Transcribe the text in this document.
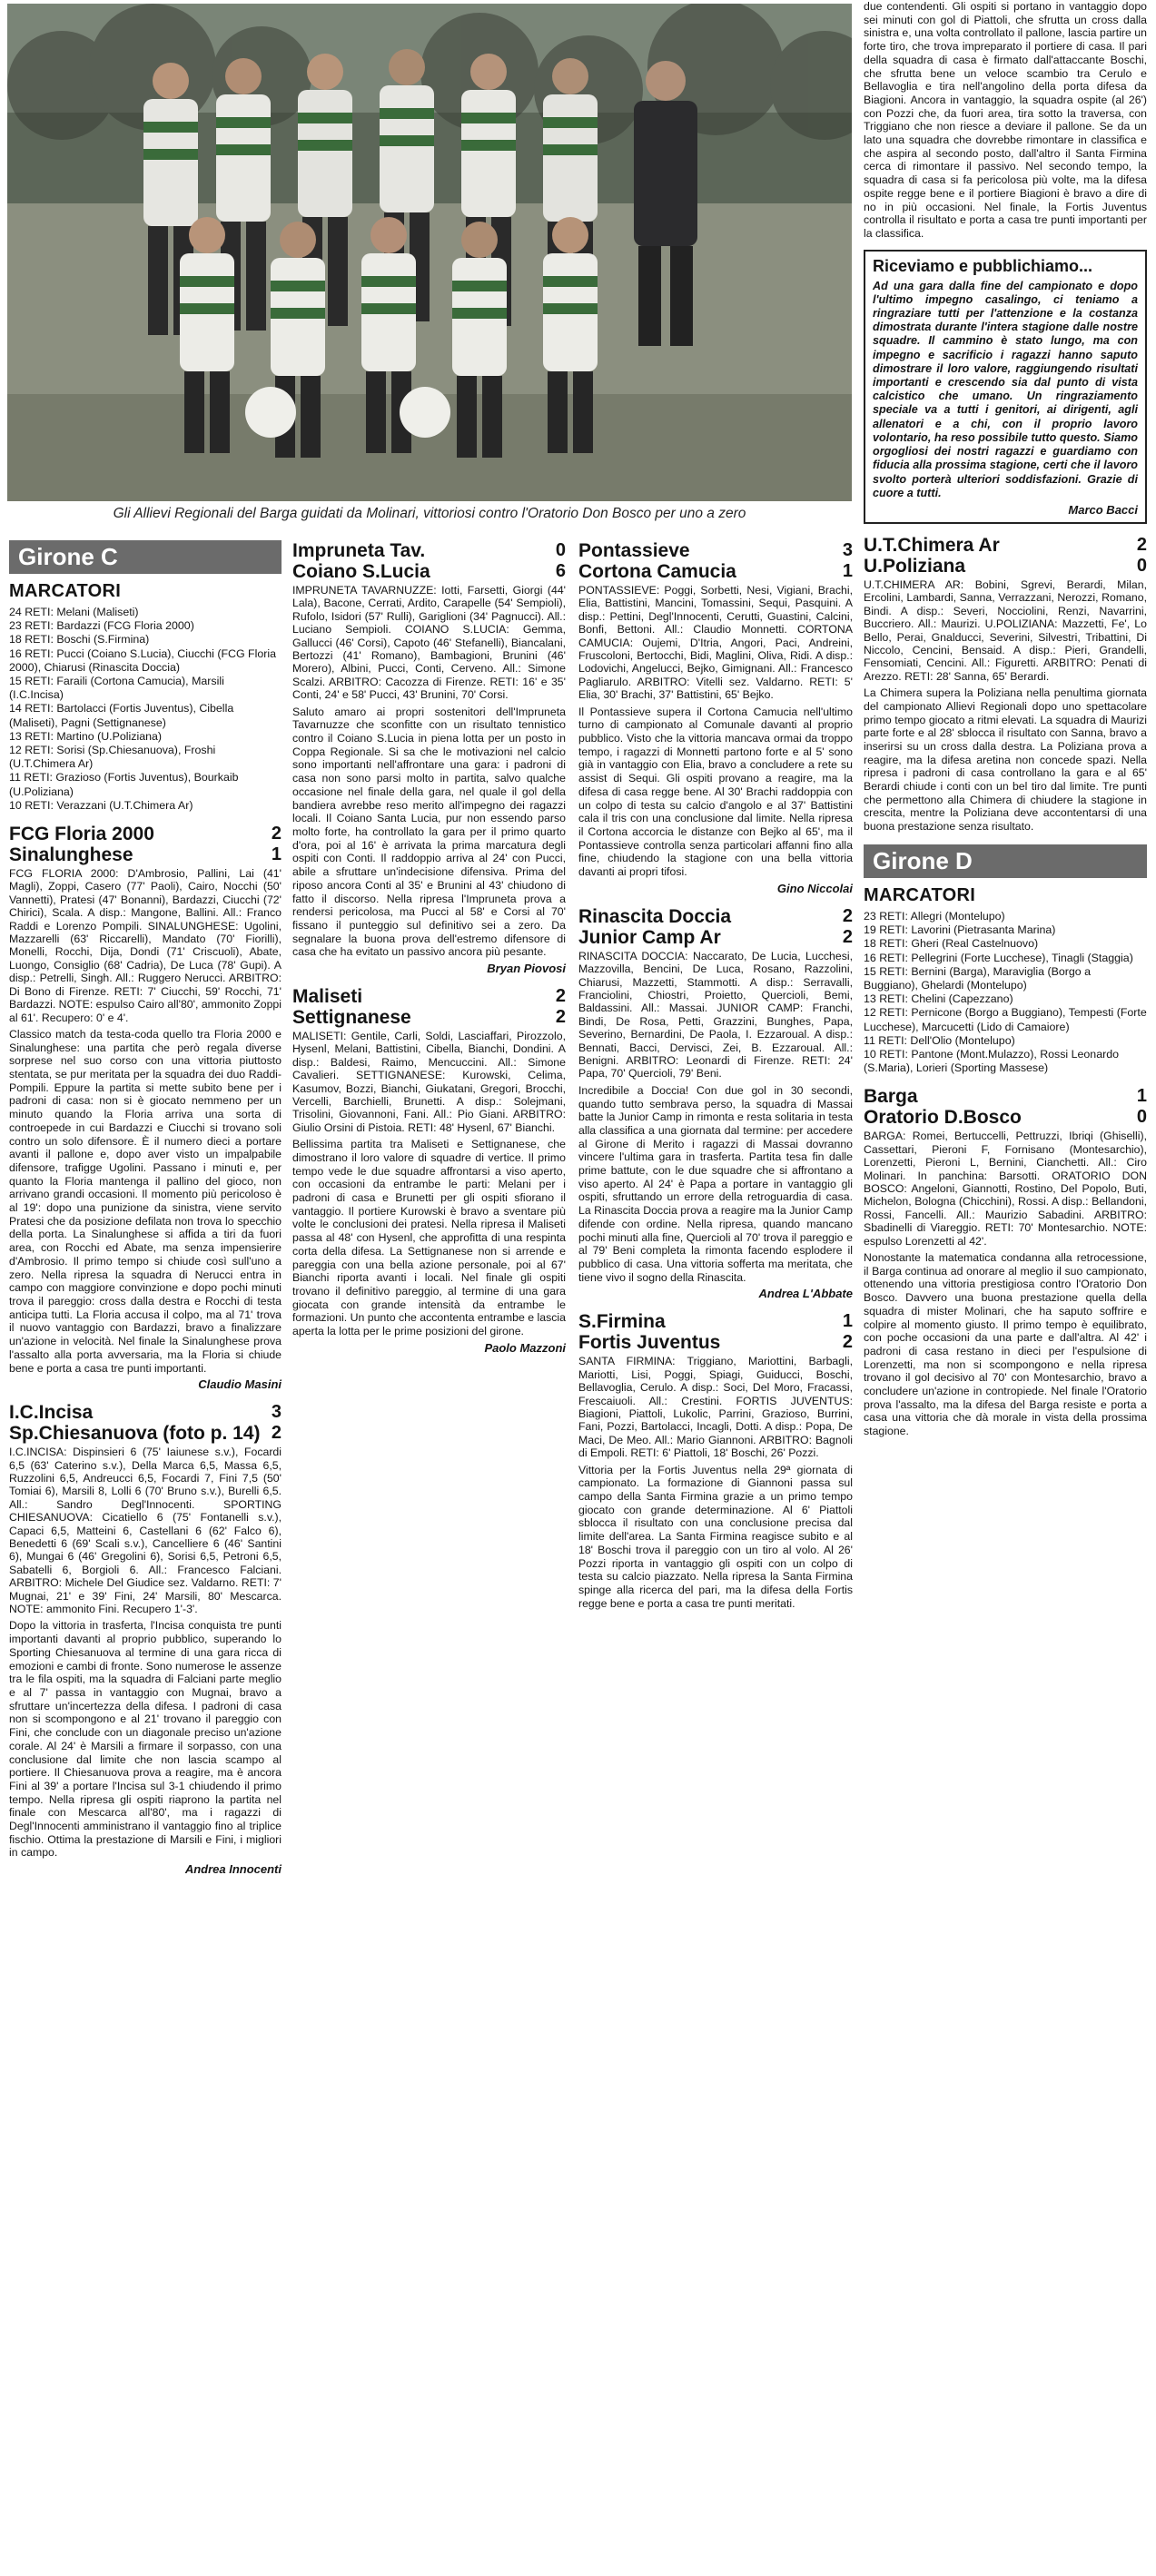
Gli Allievi Regionali del Barga guidati da Molinari, vittoriosi contro l'Oratorio Don Bosco per uno a zero
Girone C
MARCATORI
24 RETI: Melani (Maliseti)
23 RETI: Bardazzi (FCG Floria 2000)
18 RETI: Boschi (S.Firmina)
16 RETI: Pucci (Coiano S.Lucia), Ciucchi (FCG Floria 2000), Chiarusi (Rinascita Doccia)
15 RETI: Faraili (Cortona Camucia), Marsili (I.C.Incisa)
14 RETI: Bartolacci (Fortis Juventus), Cibella (Maliseti), Pagni (Settignanese)
13 RETI: Martino (U.Poliziana)
12 RETI: Sorisi (Sp.Chiesanuova), Froshi (U.T.Chimera Ar)
11 RETI: Grazioso (Fortis Juventus), Bourkaib (U.Poliziana)
10 RETI: Verazzani (U.T.Chimera Ar)
FCG Floria 2000	2
Sinalunghese	1
FCG FLORIA 2000: D'Ambrosio, Pallini, Lai (41' Magli), Zoppi, Casero (77' Paoli), Cairo, Nocchi (50' Vannetti), Pratesi (47' Bonanni), Bardazzi, Ciucchi (72' Chirici), Scala. A disp.: Mangone, Ballini. All.: Franco Raddi e Lorenzo Pompili. SINALUNGHESE: Ugolini, Mazzarelli (63' Riccarelli), Mandato (70' Fiorilli), Monelli, Rocchi, Dija, Dondi (71' Criscuoli), Abate, Luongo, Consiglio (68' Cadria), De Luca (78' Gupi). A disp.: Petrelli, Singh. All.: Ruggero Nerucci. ARBITRO: Di Bono di Firenze. RETI: 7' Ciucchi, 59' Rocchi, 71' Bardazzi. NOTE: espulso Cairo all'80', ammonito Zoppi al 61'. Recupero: 0' e 4'.
Classico match da testa-coda quello tra Floria 2000 e Sinalunghese: una partita che però regala diverse sorprese nel suo corso con una vittoria piuttosto stentata, se pur meritata per la squadra dei duo Raddi-Pompili. Eppure la partita si mette subito bene per i padroni di casa: non si è giocato nemmeno per un minuto quando la Floria arriva una sorta di controepede in cui Bardazzi e Ciucchi si trovano soli contro un solo difensore. È il numero dieci a portare avanti il pallone e, dopo aver visto un impalpabile difensore, trafigge Ugolini. Passano i minuti e, per quanto la Floria mantenga il pallino del gioco, non arrivano grandi occasioni. Il momento più pericoloso è al 19': dopo una punizione da sinistra, viene servito Pratesi che da posizione defilata non trova lo specchio della porta. La Sinalunghese si affida a tiri da fuori area, con Rocchi ed Abate, ma senza impensierire d'Ambrosio. Il primo tempo si chiude così sull'uno a zero. Nella ripresa la squadra di Nerucci entra in campo con maggiore convinzione e dopo pochi minuti trova il pareggio: cross dalla destra e Rocchi di testa anticipa tutti. La Floria accusa il colpo, ma al 71' trova il nuovo vantaggio con Bardazzi, bravo a finalizzare un'azione in velocità. Nel finale la Sinalunghese prova l'assalto alla porta avversaria, ma la Floria si chiude bene e porta a casa tre punti importanti.
Claudio Masini
I.C.Incisa	3
Sp.Chiesanuova (foto p. 14) 2
I.C.INCISA: Dispinsieri 6 (75' Iaiunese s.v.), Focardi 6,5 (63' Caterino s.v.), Della Marca 6,5, Massa 6,5, Ruzzolini 6,5, Andreucci 6,5, Focardi 7, Fini 7,5 (50' Tomiai 6), Marsili 8, Lolli 6 (70' Bruno s.v.), Burelli 6,5. All.: Sandro Degl'Innocenti. SPORTING CHIESANUOVA: Cicatiello 6 (75' Fontanelli s.v.), Capaci 6,5, Matteini 6, Castellani 6 (62' Falco 6), Benedetti 6 (69' Scali s.v.), Cancelliere 6 (46' Santini 6), Mungai 6 (46' Gregolini 6), Sorisi 6,5, Petroni 6,5, Sabatelli 6, Borgioli 6. All.: Francesco Falciani. ARBITRO: Michele Del Giudice sez. Valdarno. RETI: 7' Mugnai, 21' e 39' Fini, 24' Marsili, 80' Mescarca. NOTE: ammonito Fini. Recupero 1'-3'.
Dopo la vittoria in trasferta, l'Incisa conquista tre punti importanti davanti al proprio pubblico, superando lo Sporting Chiesanuova al termine di una gara ricca di emozioni e cambi di fronte. Sono numerose le assenze tra le fila ospiti, ma la squadra di Falciani parte meglio e al 7' passa in vantaggio con Mugnai, bravo a sfruttare un'incertezza della difesa. I padroni di casa non si scompongono e al 21' trovano il pareggio con Fini, che conclude con un diagonale preciso un'azione corale. Al 24' è Marsili a firmare il sorpasso, con una conclusione dal limite che non lascia scampo al portiere. Il Chiesanuova prova a reagire, ma è ancora Fini al 39' a portare l'Incisa sul 3-1 chiudendo il primo tempo. Nella ripresa gli ospiti riaprono la partita nel finale con Mescarca all'80', ma i ragazzi di Degl'Innocenti amministrano il vantaggio fino al triplice fischio. Ottima la prestazione di Marsili e Fini, i migliori in campo.
Andrea Innocenti
Impruneta Tav.	0
Coiano S.Lucia	6
IMPRUNETA TAVARNUZZE: Iotti, Farsetti, Giorgi (44' Lala), Bacone, Cerrati, Ardito, Carapelle (54' Sempioli), Rufolo, Isidori (57' Rulli), Gariglioni (34' Pagnucci). All.: Luciano Sempioli. COIANO S.LUCIA: Gemma, Gallucci (46' Corsi), Capoto (46' Stefanelli), Biancalani, Bertozzi (41' Romano), Bambagioni, Brunini (46' Morero), Albini, Pucci, Conti, Cerveno. All.: Simone Scalzi. ARBITRO: Cacozza di Firenze. RETI: 16' e 35' Conti, 24' e 58' Pucci, 43' Brunini, 70' Corsi.
Saluto amaro ai propri sostenitori dell'Impruneta Tavarnuzze che sconfitte con un risultato tennistico contro il Coiano S.Lucia in piena lotta per un posto in Coppa Regionale. Si sa che le motivazioni nel calcio sono importanti nell'affrontare una gara: i padroni di casa non sono parsi molto in partita, salvo qualche occasione nel finale della gara, nel quale il gol della bandiera avrebbe reso merito all'impegno dei ragazzi locali. Il Coiano Santa Lucia, pur non essendo parso molto forte, ha controllato la gara per il primo quarto d'ora, poi al 16' è arrivata la prima marcatura degli ospiti con Conti. Il raddoppio arriva al 24' con Pucci, abile a sfruttare un'indecisione difensiva. Prima del riposo ancora Conti al 35' e Brunini al 43' chiudono di fatto il discorso. Nella ripresa l'Impruneta prova a rendersi pericolosa, ma Pucci al 58' e Corsi al 70' fissano il punteggio sul definitivo sei a zero. Da segnalare la buona prova dell'estremo difensore di casa che ha evitato un passivo ancora più pesante.
Bryan Piovosi
Maliseti	2
Settignanese	2
MALISETI: Gentile, Carli, Soldi, Lasciaffari, Pirozzolo, Hysenl, Melani, Battistini, Cibella, Bianchi, Dondini. A disp.: Baldesi, Raimo, Mencuccini. All.: Simone Cavalieri. SETTIGNANESE: Kurowski, Celima, Kasumov, Bozzi, Bianchi, Giukatani, Gregori, Brocchi, Vercelli, Barchielli, Brunetti. A disp.: Solejmani, Trisolini, Giovannoni, Fani. All.: Pio Giani. ARBITRO: Giulio Orsini di Pistoia. RETI: 48' Hysenl, 67' Bianchi.
Bellissima partita tra Maliseti e Settignanese, che dimostrano il loro valore di squadre di vertice. Il primo tempo vede le due squadre affrontarsi a viso aperto, con occasioni da entrambe le parti: Melani per i padroni di casa e Brunetti per gli ospiti sfiorano il vantaggio. Il portiere Kurowski è bravo a sventare più volte le conclusioni dei pratesi. Nella ripresa il Maliseti passa al 48' con Hysenl, che approfitta di una respinta corta della difesa. La Settignanese non si arrende e pareggia con una bella azione personale, poi al 67' Bianchi riporta avanti i locali. Nel finale gli ospiti trovano il definitivo pareggio, al termine di una gara giocata con grande intensità da entrambe le formazioni. Un punto che accontenta entrambe e lascia aperta la lotta per le prime posizioni del girone.
Paolo Mazzoni
Pontassieve	3
Cortona Camucia	1
PONTASSIEVE: Poggi, Sorbetti, Nesi, Vigiani, Brachi, Elia, Battistini, Mancini, Tomassini, Sequi, Pasquini. A disp.: Pettini, Degl'Innocenti, Cerutti, Guastini, Calcini, Bonfi, Bettoni. All.: Claudio Monnetti. CORTONA CAMUCIA: Oujemi, D'Itria, Angori, Paci, Andreini, Fruscoloni, Bertocchi, Bidi, Maglini, Oliva, Ridi. A disp.: Lodovichi, Angelucci, Bejko, Gimignani. All.: Francesco Pagliarulo. ARBITRO: Vitelli sez. Valdarno. RETI: 5' Elia, 30' Brachi, 37' Battistini, 65' Bejko.
Il Pontassieve supera il Cortona Camucia nell'ultimo turno di campionato al Comunale davanti al proprio pubblico. Visto che la vittoria mancava ormai da troppo tempo, i ragazzi di Monnetti partono forte e al 5' sono già in vantaggio con Elia, bravo a concludere a rete su assist di Sequi. Gli ospiti provano a reagire, ma la difesa di casa regge bene. Al 30' Brachi raddoppia con un colpo di testa su calcio d'angolo e al 37' Battistini cala il tris con una conclusione dal limite. Nella ripresa il Cortona accorcia le distanze con Bejko al 65', ma il Pontassieve controlla senza particolari affanni fino alla fine, chiudendo la stagione con una bella vittoria davanti ai propri tifosi.
Gino Niccolai
Rinascita Doccia	2
Junior Camp Ar	2
RINASCITA DOCCIA: Naccarato, De Lucia, Lucchesi, Mazzovilla, Bencini, De Luca, Rosano, Razzolini, Chiarusi, Mazzetti, Stammotti. A disp.: Serravalli, Franciolini, Chiostri, Proietto, Quercioli, Bemi, Baldassini. All.: Massai. JUNIOR CAMP: Franchi, Bindi, De Rosa, Petti, Grazzini, Bunghes, Papa, Severino, Bernardini, De Paola, I. Ezzaroual. A disp.: Bennati, Bacci, Dervisci, Zei, B. Ezzaroual. All.: Benigni. ARBITRO: Leonardi di Firenze. RETI: 24' Papa, 70' Quercioli, 79' Beni.
Incredibile a Doccia! Con due gol in 30 secondi, quando tutto sembrava perso, la squadra di Massai batte la Junior Camp in rimonta e resta solitaria in testa alla classifica a una giornata dal termine: per accedere al Girone di Merito i ragazzi di Massai dovranno vincere l'ultima gara in trasferta. Partita tesa fin dalle prime battute, con le due squadre che si affrontano a viso aperto. Al 24' è Papa a portare in vantaggio gli ospiti, sfruttando un errore della retroguardia di casa. La Rinascita Doccia prova a reagire ma la Junior Camp difende con ordine. Nella ripresa, quando mancano pochi minuti alla fine, Quercioli al 70' trova il pareggio e al 79' Beni completa la rimonta facendo esplodere il pubblico di casa. Una vittoria sofferta ma meritata, che tiene vivo il sogno della Rinascita.
Andrea L'Abbate
S.Firmina	1
Fortis Juventus	2
SANTA FIRMINA: Triggiano, Mariottini, Barbagli, Mariotti, Lisi, Poggi, Spiagi, Guiducci, Boschi, Bellavoglia, Cerulo. A disp.: Soci, Del Moro, Fracassi, Frescaiuoli. All.: Crestini. FORTIS JUVENTUS: Biagioni, Piattoli, Lukolic, Parrini, Grazioso, Burrini, Fani, Pozzi, Bartolacci, Incagli, Dotti. A disp.: Popa, De Maci, De Meo. All.: Mario Giannoni. ARBITRO: Bagnoli di Empoli. RETI: 6' Piattoli, 18' Boschi, 26' Pozzi.
Vittoria per la Fortis Juventus nella 29ª giornata di campionato. La formazione di Giannoni passa sul campo della Santa Firmina grazie a un primo tempo giocato con grande determinazione. Al 6' Piattoli sblocca il risultato con una conclusione precisa dal limite dell'area. La Santa Firmina reagisce subito e al 18' Boschi trova il pareggio con un tiro al volo. Al 26' Pozzi riporta in vantaggio gli ospiti con un colpo di testa su calcio piazzato. Nella ripresa la Santa Firmina spinge alla ricerca del pari, ma la difesa della Fortis regge bene e porta a casa tre punti meritati.
due contendenti. Gli ospiti si portano in vantaggio dopo sei minuti con gol di Piattoli, che sfrutta un cross dalla sinistra e, una volta controllato il pallone, lascia partire un forte tiro, che trova impreparato il portiere di casa. Il pari della squadra di casa è firmato dall'attaccante Boschi, che sfrutta bene un veloce scambio tra Cerulo e Bellavoglia e tira nell'angolino della porta difesa da Biagioni. Ancora in vantaggio, la squadra ospite (al 26') con Pozzi che, da fuori area, tira sotto la traversa, con Triggiano che non riesce a deviare il pallone. Se da un lato una squadra che dovrebbe rimontare in classifica e che aspira al secondo posto, dall'altro il Santa Firmina cerca di rimontare il passivo. Nel secondo tempo, la squadra di casa si fa pericolosa più volte, ma la difesa ospite regge bene e il portiere Biagioni è bravo a dire di no in più occasioni. Nel finale, la Fortis Juventus controlla il risultato e porta a casa tre punti importanti per la classifica.
Riceviamo e pubblichiamo...
Ad una gara dalla fine del campionato e dopo l'ultimo impegno casalingo, ci teniamo a ringraziare tutti per l'attenzione e la costanza dimostrata durante l'intera stagione dalle nostre squadre. Il cammino è stato lungo, ma con impegno e sacrificio i ragazzi hanno saputo dimostrare il loro valore, raggiungendo risultati importanti e crescendo sia dal punto di vista calcistico che umano. Un ringraziamento speciale va a tutti i genitori, ai dirigenti, agli allenatori e a chi, con il proprio lavoro volontario, ha reso possibile tutto questo. Siamo orgogliosi dei nostri ragazzi e guardiamo con fiducia alla prossima stagione, certi che il lavoro svolto porterà ulteriori soddisfazioni. Grazie di cuore a tutti.
Marco Bacci
U.T.Chimera Ar	2
U.Poliziana	0
U.T.CHIMERA AR: Bobini, Sgrevi, Berardi, Milan, Ercolini, Lambardi, Sanna, Verrazzani, Nerozzi, Romano, Bindi. A disp.: Severi, Nocciolini, Renzi, Navarrini, Buccriero. All.: Maurizi. U.POLIZIANA: Mazzetti, Fe', Lo Bello, Perai, Gnalducci, Severini, Silvestri, Tribattini, Di Niccolo, Cencini, Bensaid. A disp.: Pieri, Grandelli, Fensomiati, Cencini. All.: Figuretti. ARBITRO: Penati di Arezzo. RETI: 28' Sanna, 65' Berardi.
La Chimera supera la Poliziana nella penultima giornata del campionato Allievi Regionali dopo uno spettacolare primo tempo giocato a ritmi elevati. La squadra di Maurizi parte forte e al 28' sblocca il risultato con Sanna, bravo a inserirsi su un cross dalla destra. La Poliziana prova a reagire, ma la difesa aretina non concede spazi. Nella ripresa i padroni di casa controllano la gara e al 65' Berardi chiude i conti con un bel tiro dal limite. Tre punti che permettono alla Chimera di chiudere la stagione in crescita, mentre la Poliziana deve accontentarsi di una buona prestazione senza risultato.
Girone D
MARCATORI
23 RETI: Allegri (Montelupo)
19 RETI: Lavorini (Pietrasanta Marina)
18 RETI: Gheri (Real Castelnuovo)
16 RETI: Pellegrini (Forte Lucchese), Tinagli (Staggia)
15 RETI: Bernini (Barga), Maraviglia (Borgo a Buggiano), Ghelardi (Montelupo)
13 RETI: Chelini (Capezzano)
12 RETI: Pernicone (Borgo a Buggiano), Tempesti (Forte Lucchese), Marcucetti (Lido di Camaiore)
11 RETI: Dell'Olio (Montelupo)
10 RETI: Pantone (Mont.Mulazzo), Rossi Leonardo (S.Maria), Lorieri (Sporting Massese)
Barga	1
Oratorio D.Bosco	0
BARGA: Romei, Bertuccelli, Pettruzzi, Ibriqi (Ghiselli), Cassettari, Pieroni F, Fornisano (Montesarchio), Lorenzetti, Pieroni L, Bernini, Cianchetti. All.: Ciro Molinari. In panchina: Barsotti. ORATORIO DON BOSCO: Angeloni, Giannotti, Rostino, Del Popolo, Buti, Michelon, Bologna (Chicchini), Rossi. A disp.: Bellandoni, Rossi, Fancelli. All.: Maurizio Sabadini. ARBITRO: Sbadinelli di Viareggio. RETI: 70' Montesarchio. NOTE: espulso Lorenzetti al 42'.
Nonostante la matematica condanna alla retrocessione, il Barga continua ad onorare al meglio il suo campionato, ottenendo una vittoria prestigiosa contro l'Oratorio Don Bosco. Davvero una buona prestazione quella della squadra di mister Molinari, che ha saputo soffrire e colpire al momento giusto. Il primo tempo è equilibrato, con poche occasioni da una parte e dall'altra. Al 42' i padroni di casa restano in dieci per l'espulsione di Lorenzetti, ma non si scompongono e nella ripresa trovano il gol decisivo al 70' con Montesarchio, bravo a concludere un'azione in contropiede. Nel finale l'Oratorio prova l'assalto, ma la difesa del Barga resiste e porta a casa una vittoria che dà morale in vista della prossima stagione.
